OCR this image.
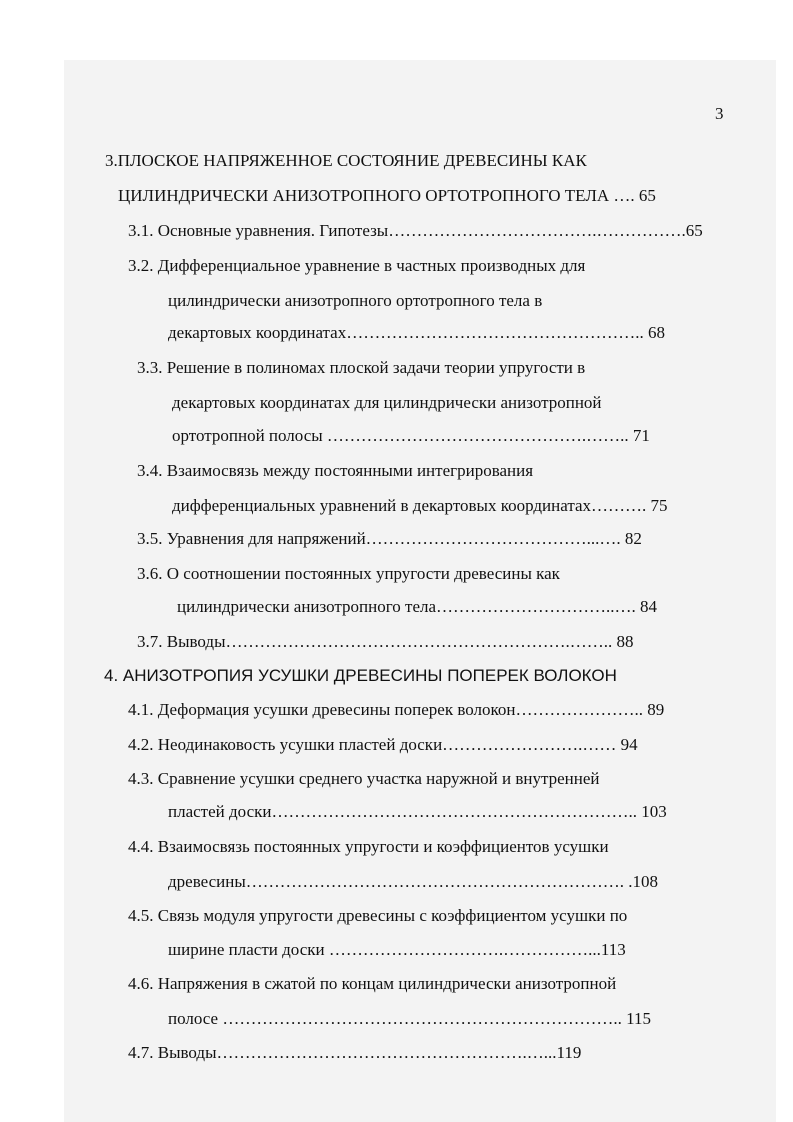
3
3.ПЛОСКОЕ НАПРЯЖЕННОЕ СОСТОЯНИЕ ДРЕВЕСИНЫ КАК
ЦИЛИНДРИЧЕСКИ АНИЗОТРОПНОГО ОРТОТРОПНОГО ТЕЛА …. 65
3.1. Основные уравнения. Гипотезы……………………………….…………….65
3.2. Дифференциальное уравнение в частных производных для
цилиндрически анизотропного ортотропного тела в
декартовых координатах…………………………………………….. 68
3.3. Решение в полиномах плоской задачи теории упругости в
декартовых координатах для цилиндрически анизотропной
ортотропной полосы ……………………………………….…….. 71
3.4. Взаимосвязь между постоянными интегрирования
дифференциальных уравнений в декартовых координатах………. 75
3.5. Уравнения для напряжений…………………………………...…. 82
3.6. О соотношении постоянных упругости древесины как
цилиндрически анизотропного тела…………………………..…. 84
3.7. Выводы…………………………………………………….…….. 88
4. АНИЗОТРОПИЯ УСУШКИ ДРЕВЕСИНЫ ПОПЕРЕК ВОЛОКОН
4.1. Деформация усушки древесины поперек волокон………………….. 89
4.2. Неодинаковость усушки пластей доски…………………….…… 94
4.3. Сравнение усушки среднего участка наружной и внутренней
пластей доски……………………………………………………….. 103
4.4. Взаимосвязь постоянных упругости и коэффициентов усушки
древесины…………………………………………………………. .108
4.5. Связь модуля упругости древесины с коэффициентом усушки по
ширине пласти доски ………………………….……………...113
4.6. Напряжения в сжатой по концам цилиндрически анизотропной
полосе …………………………………………………………….. 115
4.7. Выводы……………………………………………….…...119
